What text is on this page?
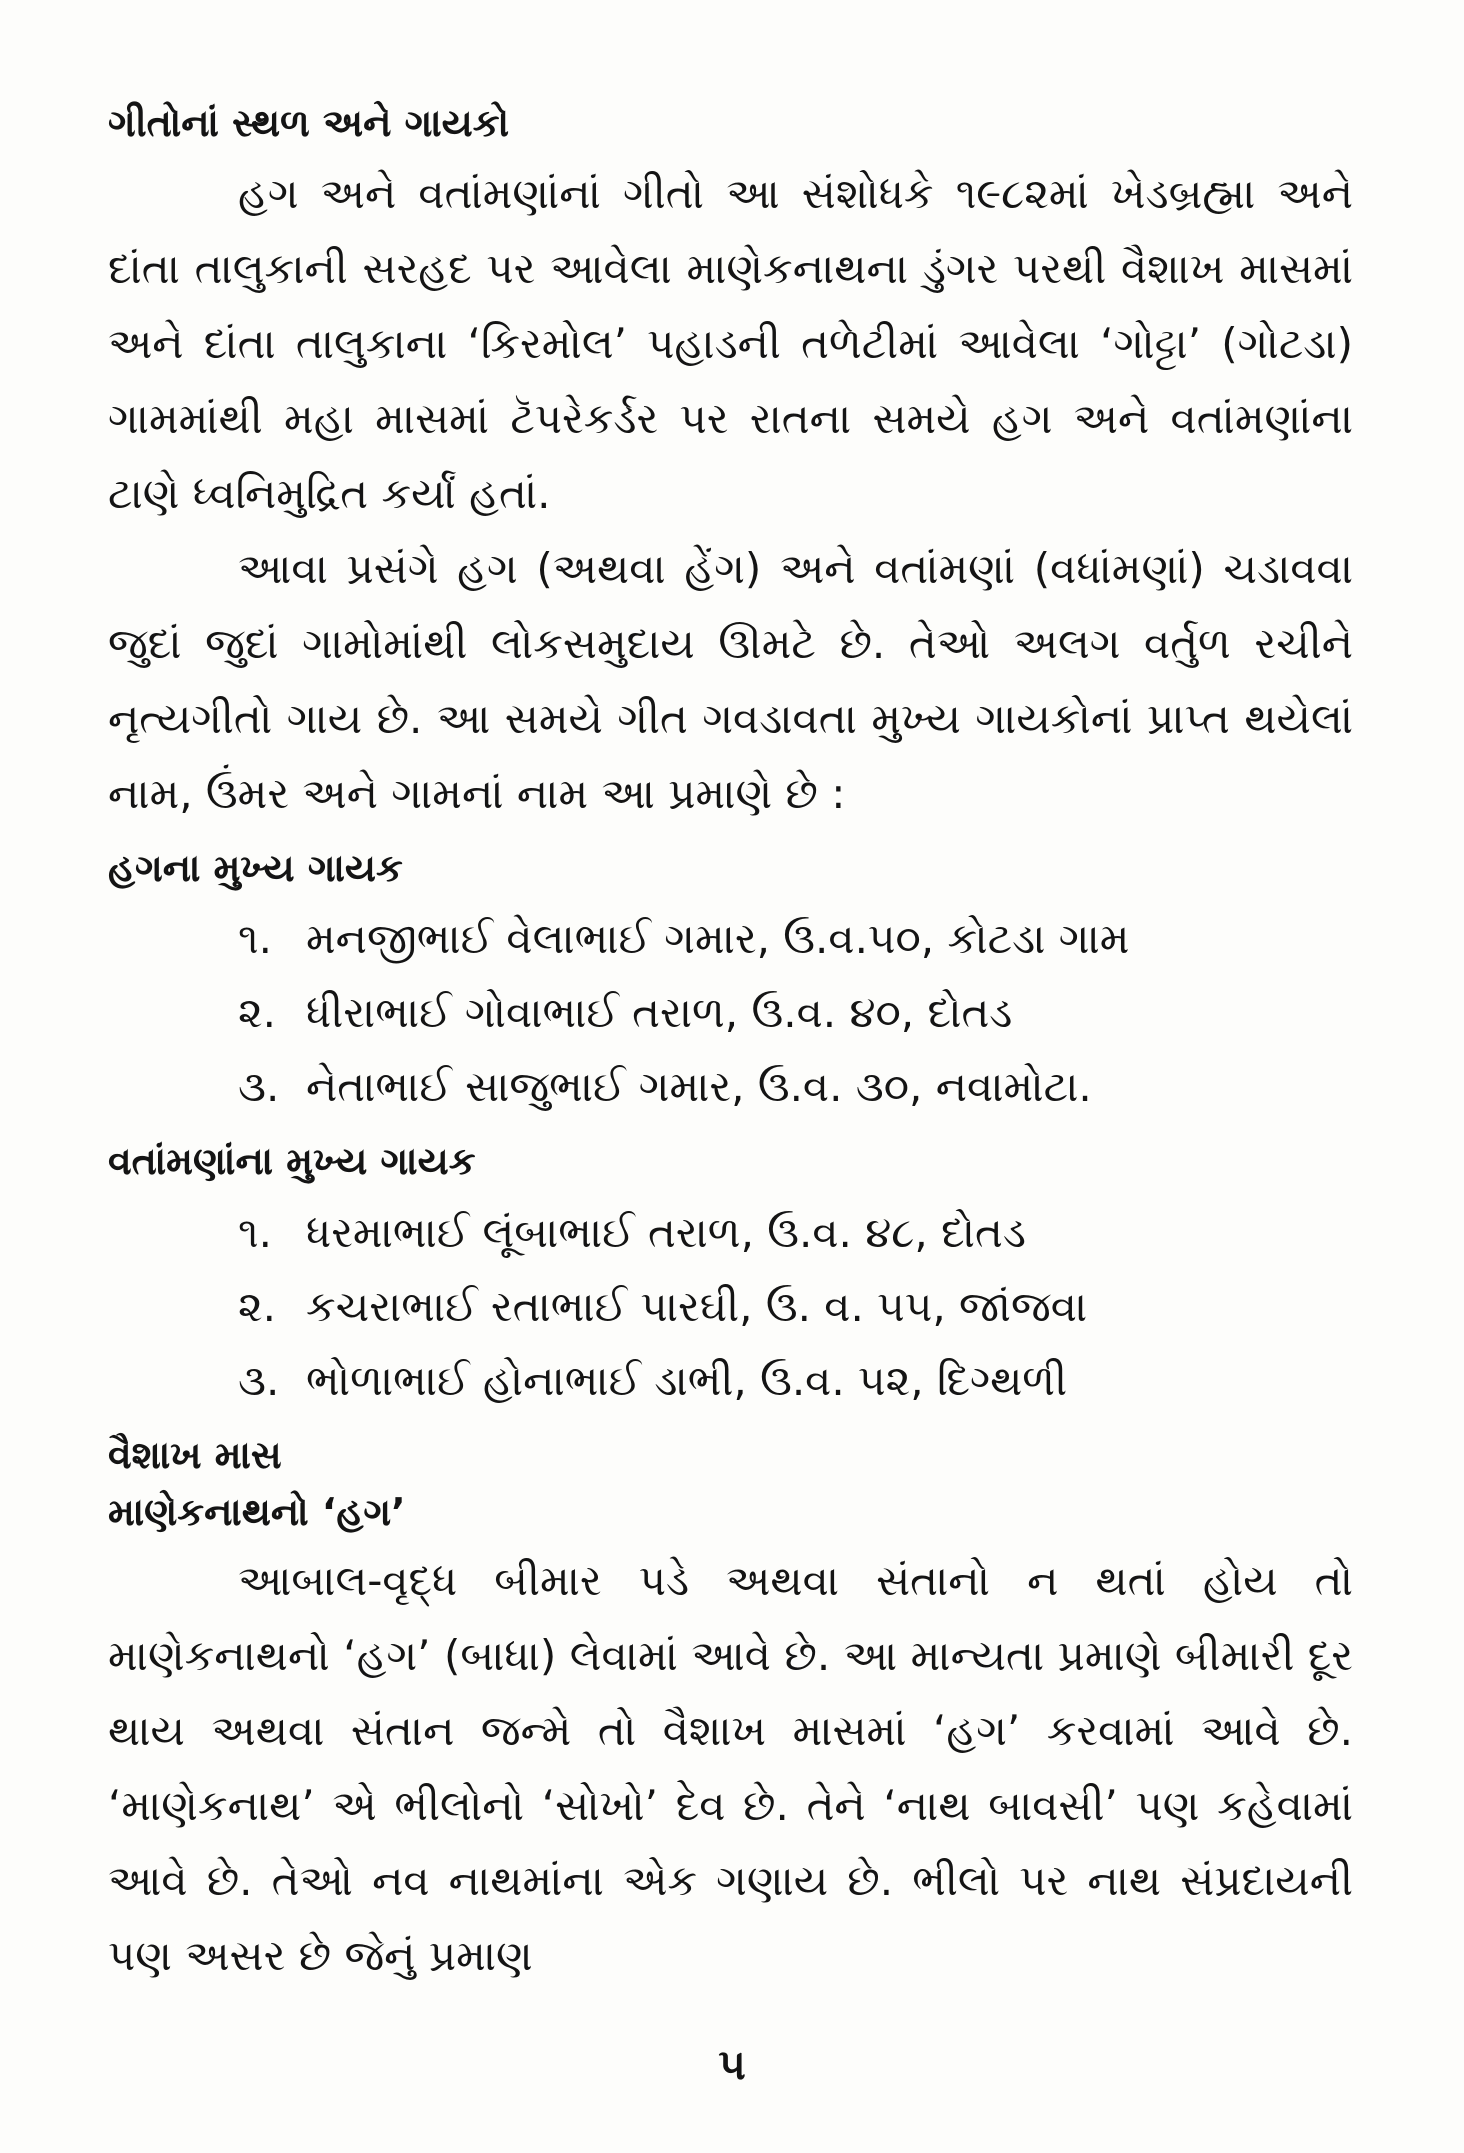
ગીતોનાં સ્થળ અને ગાયકો

હગ અને વતાંમણાંનાં ગીતો આ સંશોધકે ૧૯૮૨માં ખેડબ્રહ્મા અને દાંતા તાલુકાની સરહદ પર આવેલા માણેકનાથના ડુંગર પરથી વૈશાખ માસમાં અને દાંતા તાલુકાના ‘કિરમોલ’ પહાડની તળેટીમાં આવેલા ‘ગોટ્ટા’ (ગોટડા) ગામમાંથી મહા માસમાં ટૅપરેકર્ડર પર રાતના સમયે હગ અને વતાંમણાંના ટાણે ધ્વનિમુદ્રિત કર્યાં હતાં.

આવા પ્રસંગે હગ (અથવા હેંગ) અને વતાંમણાં (વધાંમણાં) ચડાવવા જુદાં જુદાં ગામોમાંથી લોકસમુદાય ઊમટે છે. તેઓ અલગ વર્તુળ રચીને નૃત્યગીતો ગાય છે. આ સમયે ગીત ગવડાવતા મુખ્ય ગાયકોનાં પ્રાપ્ત થયેલાં નામ, ઉંમર અને ગામનાં નામ આ પ્રમાણે છે :

હગના મુખ્ય ગાયક
૧. મનજીભાઈ વેલાભાઈ ગમાર, ઉ.વ.૫૦, કોટડા ગામ
૨. ધીરાભાઈ ગોવાભાઈ તરાળ, ઉ.વ. ૪૦, દોતડ
૩. નેતાભાઈ સાજુભાઈ ગમાર, ઉ.વ. ૩૦, નવામોટા.
વતાંમણાંના મુખ્ય ગાયક
૧. ધરમાભાઈ લૂંબાભાઈ તરાળ, ઉ.વ. ૪૮, દોતડ
૨. કચરાભાઈ રતાભાઈ પારઘી, ઉ. વ. ૫૫, જાંજવા
૩. ભોળાભાઈ હોનાભાઈ ડાભી, ઉ.વ. ૫૨, દિગ્થળી
વૈશાખ માસ
માણેકનાથનો ‘હગ’

આબાલ-વૃદ્ધ બીમાર પડે અથવા સંતાનો ન થતાં હોય તો માણેકનાથનો ‘હગ’ (બાધા) લેવામાં આવે છે. આ માન્યતા પ્રમાણે બીમારી દૂર થાય અથવા સંતાન જન્મે તો વૈશાખ માસમાં ‘હગ’ કરવામાં આવે છે. ‘માણેકનાથ’ એ ભીલોનો ‘સોખો’ દેવ છે. તેને ‘નાથ બાવસી’ પણ કહેવામાં આવે છે. તેઓ નવ નાથમાંના એક ગણાય છે. ભીલો પર નાથ સંપ્રદાયની પણ અસર છે જેનું પ્રમાણ

૫
